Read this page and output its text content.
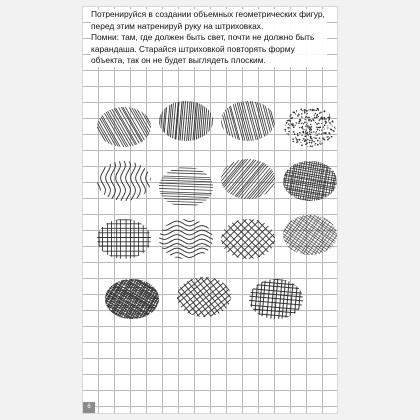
Потренируйся в создании объемных геометрических фигур, перед этим натренируй руку на штриховках.

Помни: там, где должен быть свет, почти не должно быть карандаша. Старайся штриховкой повторять форму объекта, так он не будет выглядеть плоским.

6
